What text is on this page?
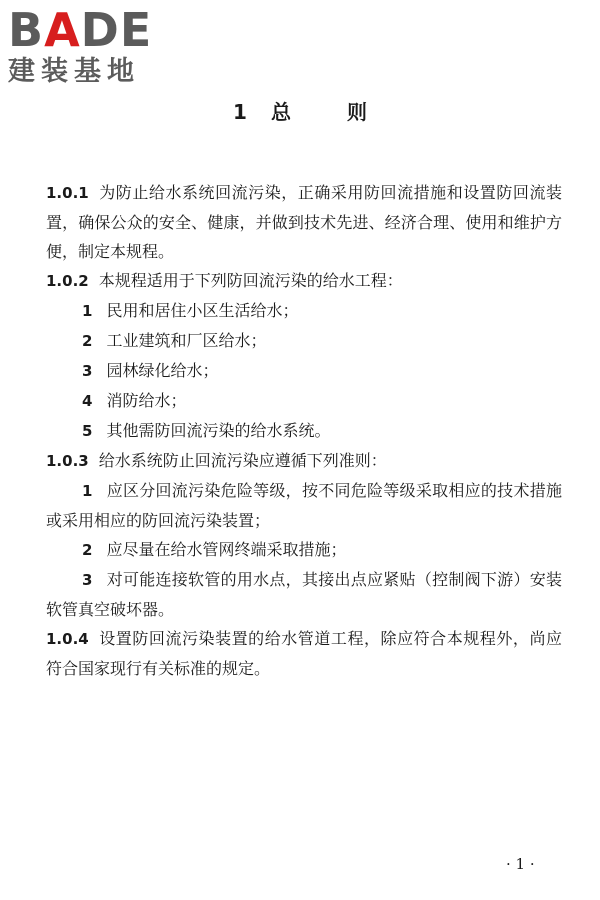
BADE
建装基地
1 总	则

1.0.1 为防止给水系统回流污染，正确采用防回流措施和设置防回流装置，确保公众的安全、健康，并做到技术先进、经济合理、使用和维护方便，制定本规程。

1.0.2 本规程适用于下列防回流污染的给水工程：

1 民用和居住小区生活给水；

2 工业建筑和厂区给水；

3 园林绿化给水；

4 消防给水；

5 其他需防回流污染的给水系统。

1.0.3 给水系统防止回流污染应遵循下列准则：

1 应区分回流污染危险等级，按不同危险等级采取相应的技术措施或采用相应的防回流污染装置；

2 应尽量在给水管网终端采取措施；

3 对可能连接软管的用水点，其接出点应紧贴（控制阀下游）安装软管真空破坏器。

1.0.4 设置防回流污染装置的给水管道工程，除应符合本规程外，尚应符合国家现行有关标准的规定。

· 1 ·
